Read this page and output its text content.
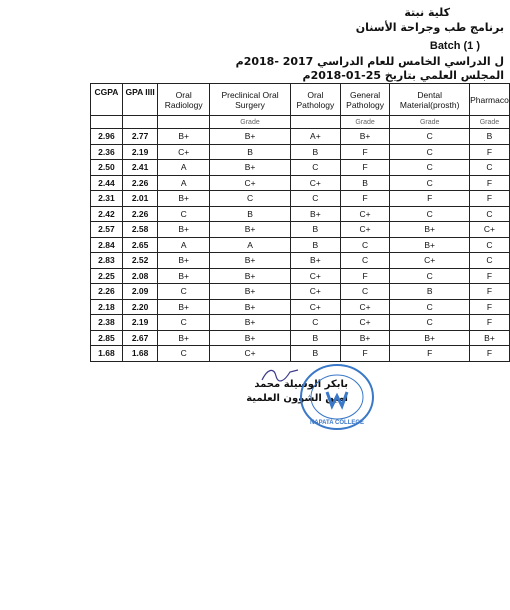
كلية نبتة
برنامج طب وجراحة الأسنان
Batch (1 )
ل الدراسي الخامس للعام الدراسي 2017 -2018م
المجلس العلمي بتاريخ 25-01-2018م
CGPA	GPA IIII	Oral Radiology	Preclinical Oral Surgery	Oral Pathology	General Pathology	Dental Material(prosth)	Pharmaco
			Grade		Grade	Grade	Grade
2.96	2.77	B+	B+	A+	B+	C	B
2.36	2.19	C+	B	B	F	C	F
2.50	2.41	A	B+	C	F	C	C
2.44	2.26	A	C+	C+	B	C	F
2.31	2.01	B+	C	C	F	F	F
2.42	2.26	C	B	B+	C+	C	C
2.57	2.58	B+	B+	B	C+	B+	C+
2.84	2.65	A	A	B	C	B+	C
2.83	2.52	B+	B+	B+	C	C+	C
2.25	2.08	B+	B+	C+	F	C	F
2.26	2.09	C	B+	C+	C	B	F
2.18	2.20	B+	B+	C+	C+	C	F
2.38	2.19	C	B+	C	C+	C	F
2.85	2.67	B+	B+	B	B+	B+	B+
1.68	1.68	C	C+	B	F	F	F
بابكر الوسيلة محمد
امين الشؤون العلمية
NAPATA COLLEGE
